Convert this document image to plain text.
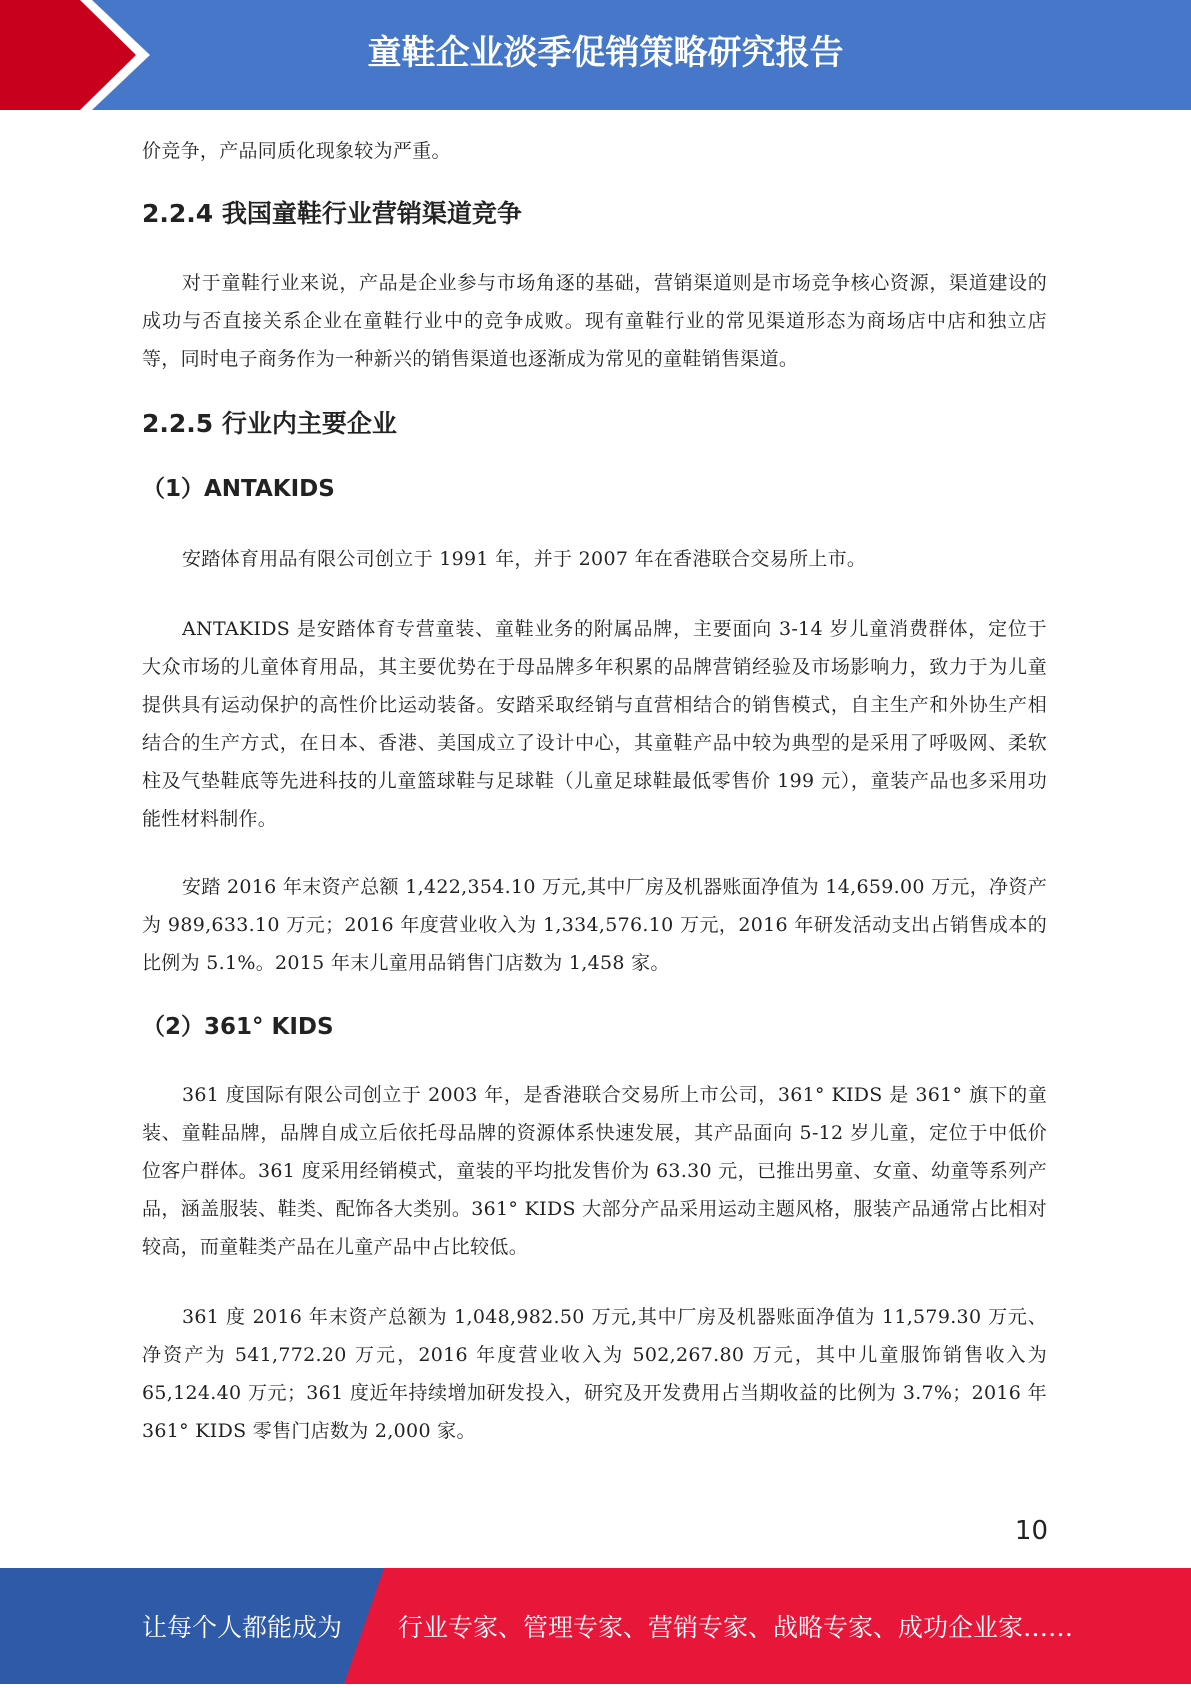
童鞋企业淡季促销策略研究报告

价竞争，产品同质化现象较为严重。

2.2.4 我国童鞋行业营销渠道竞争

对于童鞋行业来说，产品是企业参与市场角逐的基础，营销渠道则是市场竞争核心资源，渠道建设的成功与否直接关系企业在童鞋行业中的竞争成败。现有童鞋行业的常见渠道形态为商场店中店和独立店等，同时电子商务作为一种新兴的销售渠道也逐渐成为常见的童鞋销售渠道。

2.2.5 行业内主要企业
（1）ANTAKIDS

安踏体育用品有限公司创立于 1991 年，并于 2007 年在香港联合交易所上市。

ANTAKIDS 是安踏体育专营童装、童鞋业务的附属品牌，主要面向 3-14 岁儿童消费群体，定位于大众市场的儿童体育用品，其主要优势在于母品牌多年积累的品牌营销经验及市场影响力，致力于为儿童提供具有运动保护的高性价比运动装备。安踏采取经销与直营相结合的销售模式，自主生产和外协生产相结合的生产方式，在日本、香港、美国成立了设计中心，其童鞋产品中较为典型的是采用了呼吸网、柔软柱及气垫鞋底等先进科技的儿童篮球鞋与足球鞋（儿童足球鞋最低零售价 199 元），童装产品也多采用功能性材料制作。

安踏 2016 年末资产总额 1,422,354.10 万元,其中厂房及机器账面净值为 14,659.00 万元，净资产为 989,633.10 万元；2016 年度营业收入为 1,334,576.10 万元，2016 年研发活动支出占销售成本的比例为 5.1%。2015 年末儿童用品销售门店数为 1,458 家。

（2）361° KIDS

361 度国际有限公司创立于 2003 年，是香港联合交易所上市公司，361° KIDS 是 361° 旗下的童装、童鞋品牌，品牌自成立后依托母品牌的资源体系快速发展，其产品面向 5-12 岁儿童，定位于中低价位客户群体。361 度采用经销模式，童装的平均批发售价为 63.30 元，已推出男童、女童、幼童等系列产品，涵盖服装、鞋类、配饰各大类别。361° KIDS 大部分产品采用运动主题风格，服装产品通常占比相对较高，而童鞋类产品在儿童产品中占比较低。

361 度 2016 年末资产总额为 1,048,982.50 万元,其中厂房及机器账面净值为 11,579.30 万元、净资产为 541,772.20 万元，2016 年度营业收入为 502,267.80 万元，其中儿童服饰销售收入为 65,124.40 万元；361 度近年持续增加研发投入，研究及开发费用占当期收益的比例为 3.7%；2016 年 361° KIDS 零售门店数为 2,000 家。

10
让每个人都能成为 行业专家、管理专家、营销专家、战略专家、成功企业家……
